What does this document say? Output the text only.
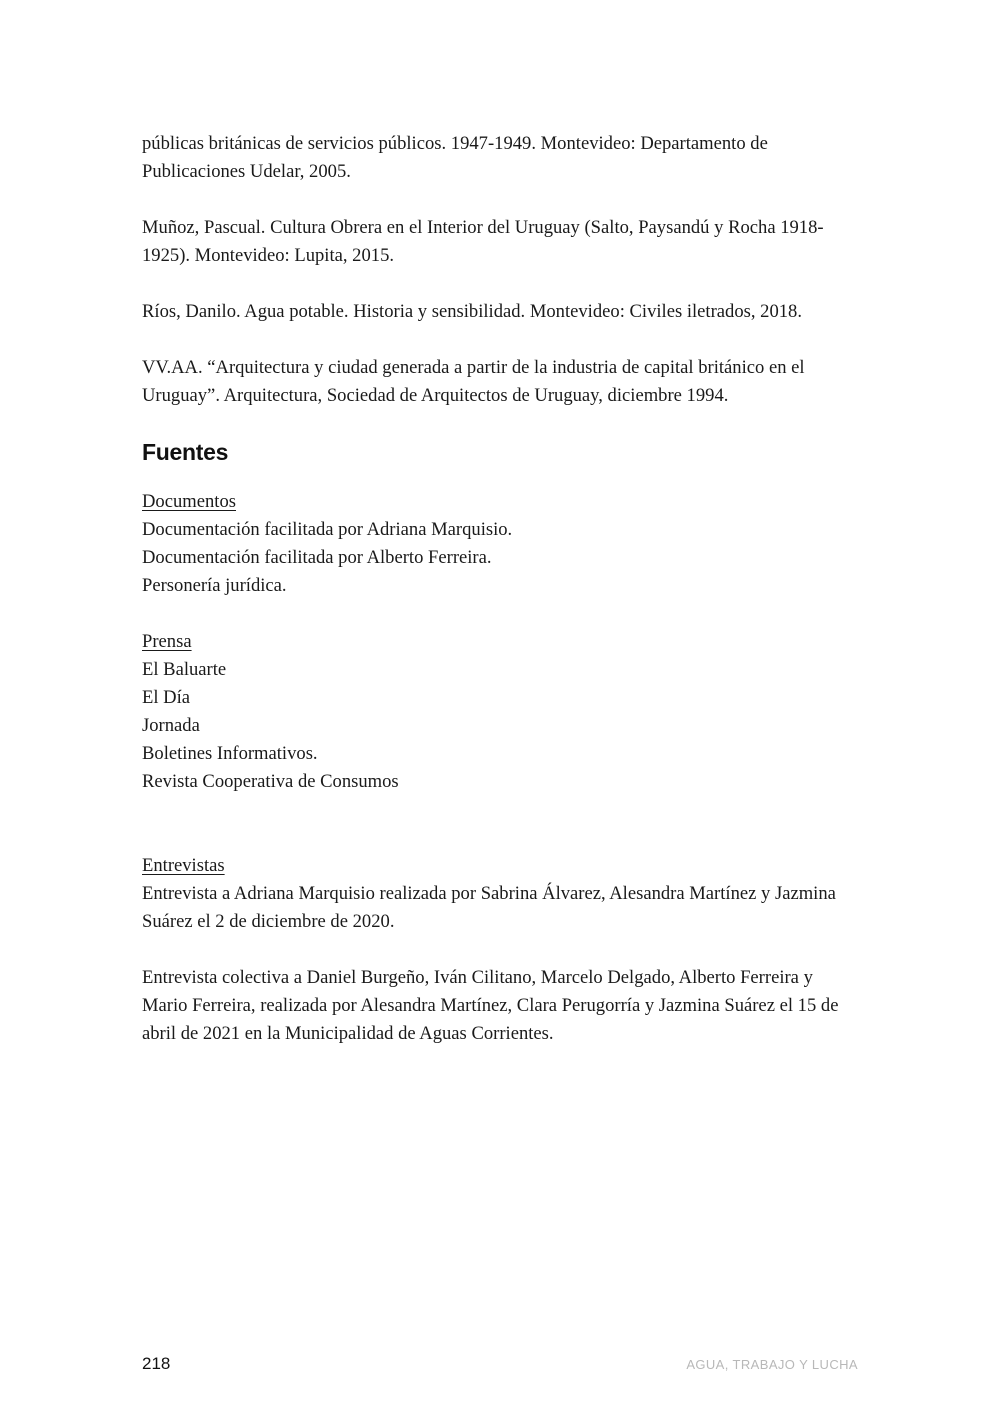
públicas británicas de servicios públicos. 1947-1949. Montevideo: Departamento de
Publicaciones Udelar, 2005.

Muñoz, Pascual. Cultura Obrera en el Interior del Uruguay (Salto, Paysandú y Rocha 1918-
1925). Montevideo: Lupita, 2015.

Ríos, Danilo. Agua potable. Historia y sensibilidad. Montevideo: Civiles iletrados, 2018.

VV.AA. “Arquitectura y ciudad generada a partir de la industria de capital británico en el
Uruguay”. Arquitectura, Sociedad de Arquitectos de Uruguay, diciembre 1994.

Fuentes
Documentos
Documentación facilitada por Adriana Marquisio.
Documentación facilitada por Alberto Ferreira.
Personería jurídica.
Prensa
El Baluarte
El Día
Jornada
Boletines Informativos.
Revista Cooperativa de Consumos
Entrevistas

Entrevista a Adriana Marquisio realizada por Sabrina Álvarez, Alesandra Martínez y Jazmina
Suárez el 2 de diciembre de 2020.

Entrevista colectiva a Daniel Burgeño, Iván Cilitano, Marcelo Delgado, Alberto Ferreira y
Mario Ferreira, realizada por Alesandra Martínez, Clara Perugorría y Jazmina Suárez el 15 de
abril de 2021 en la Municipalidad de Aguas Corrientes.

218	AGUA, TRABAJO Y LUCHA
